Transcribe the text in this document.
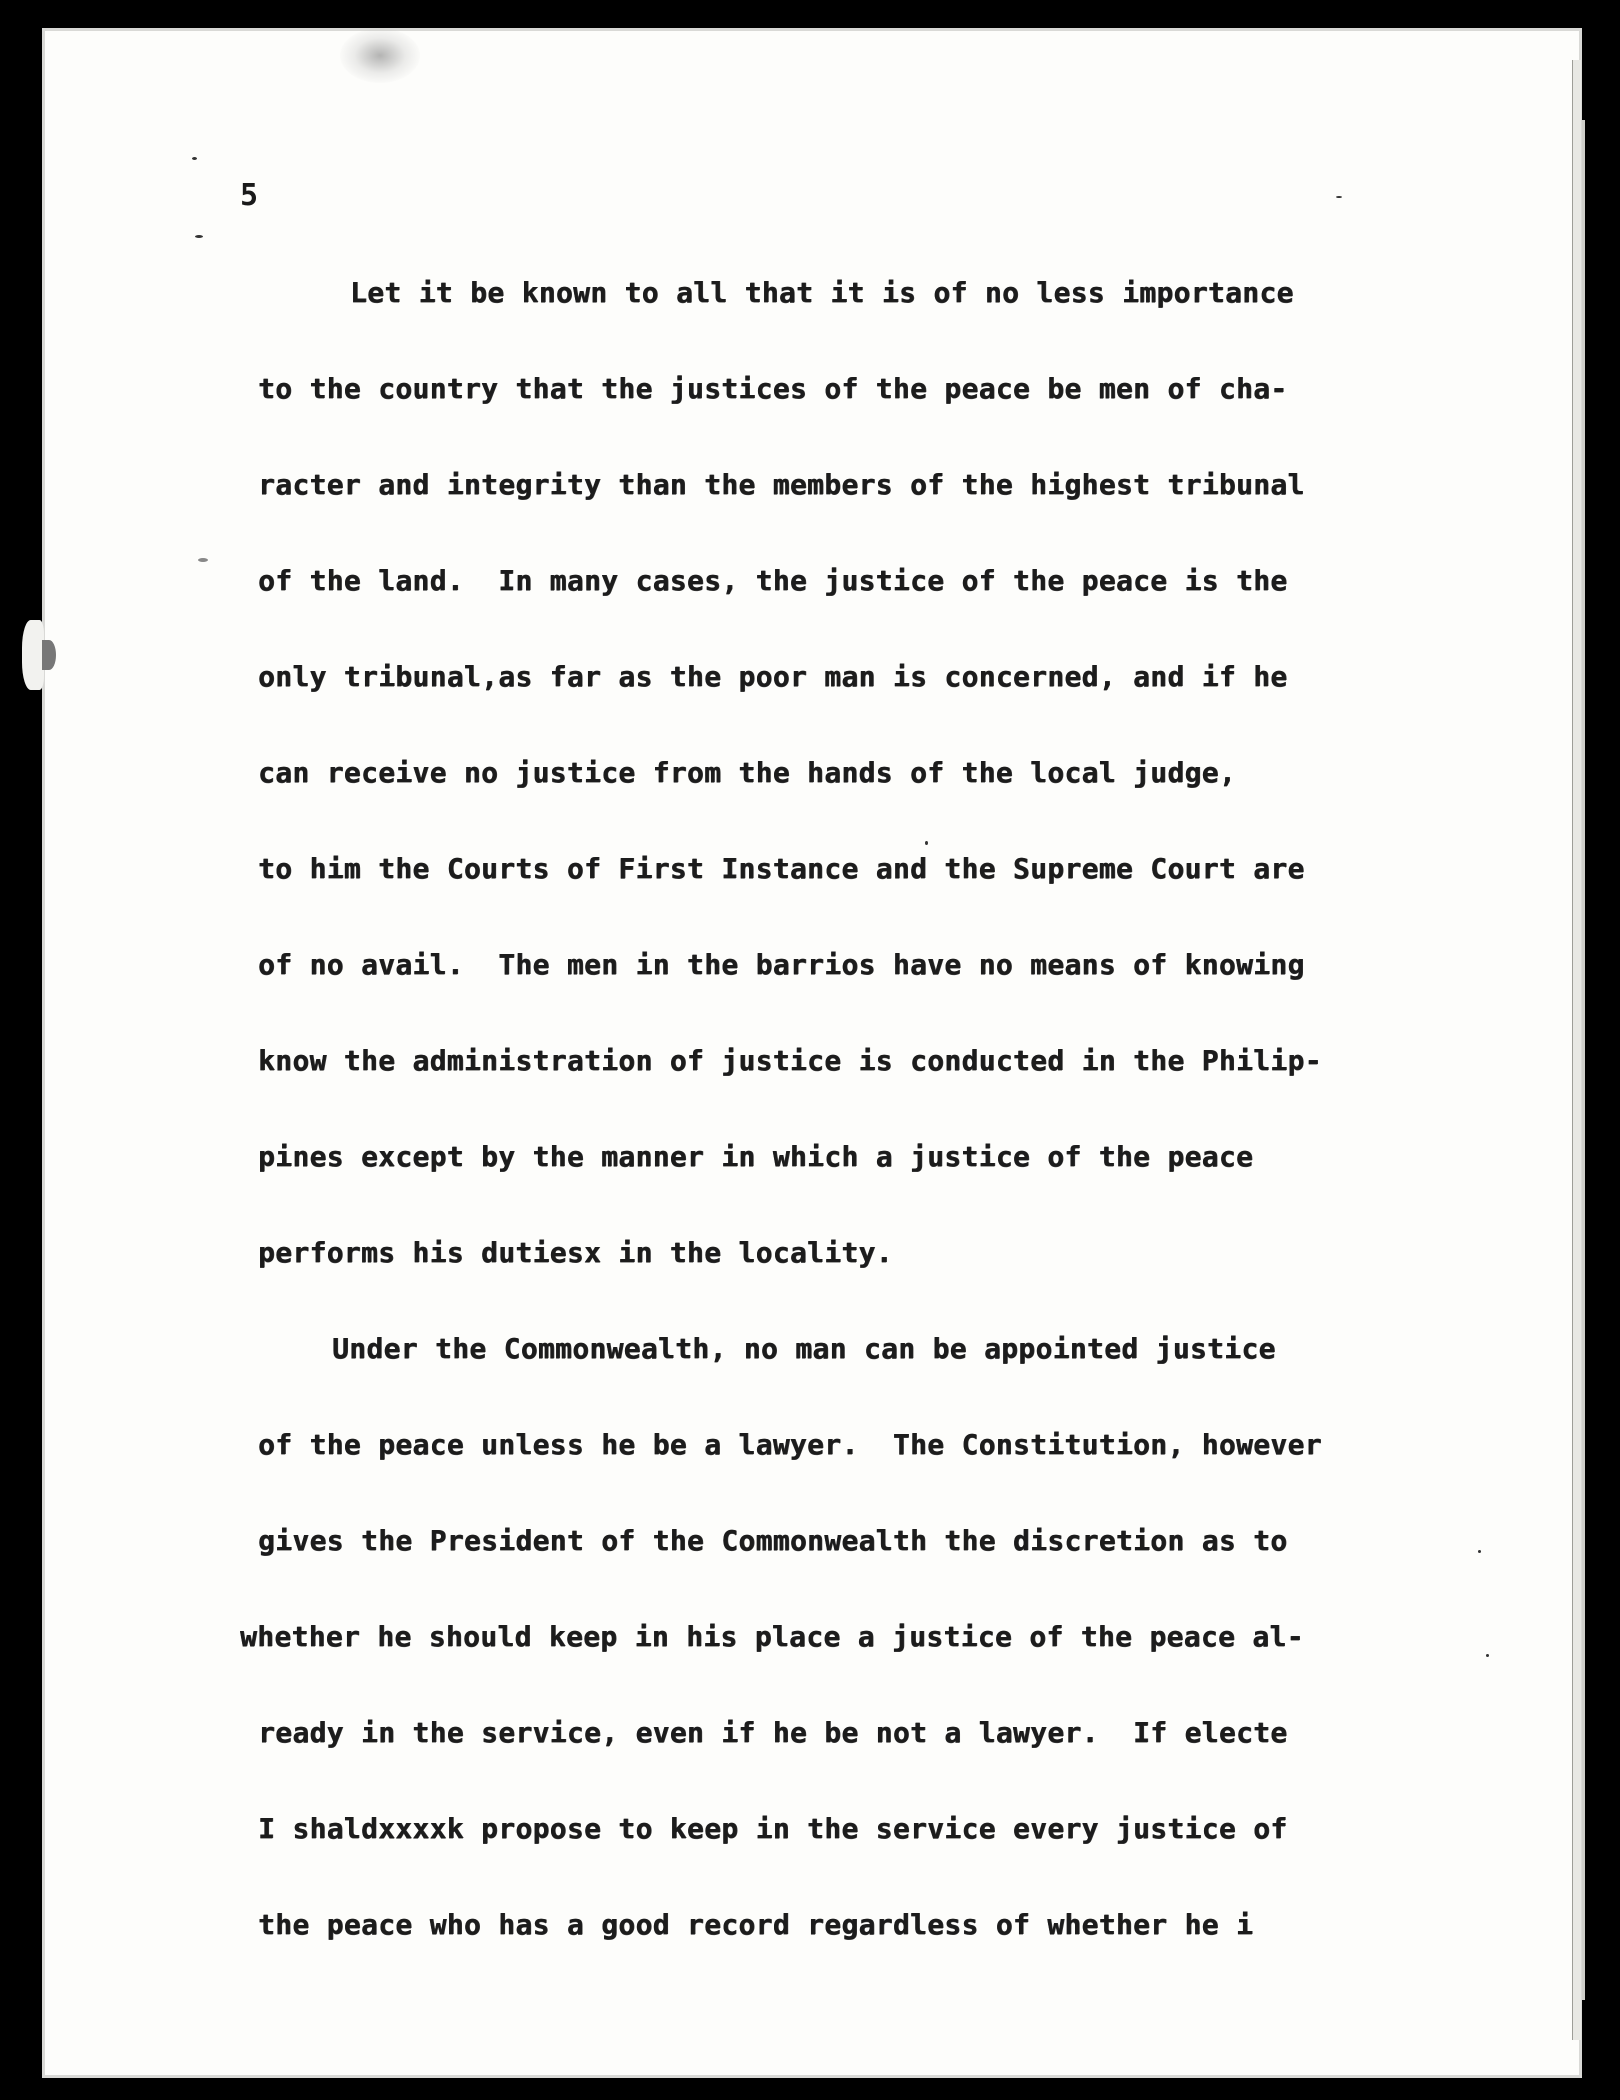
5
Let it be known to all that it is of no less importance
to the country that the justices of the peace be men of cha-
racter and integrity than the members of the highest tribunal
of the land.  In many cases, the justice of the peace is the
only tribunal,as far as the poor man is concerned, and if he
can receive no justice from the hands of the local judge,
to him the Courts of First Instance and the Supreme Court are
of no avail.  The men in the barrios have no means of knowing
know the administration of justice is conducted in the Philip-
pines except by the manner in which a justice of the peace
performs his dutiesx in the locality.
Under the Commonwealth, no man can be appointed justice
of the peace unless he be a lawyer.  The Constitution, however
gives the President of the Commonwealth the discretion as to
whether he should keep in his place a justice of the peace al-
ready in the service, even if he be not a lawyer.  If electe
I shaldxxxxk propose to keep in the service every justice of
the peace who has a good record regardless of whether he i
